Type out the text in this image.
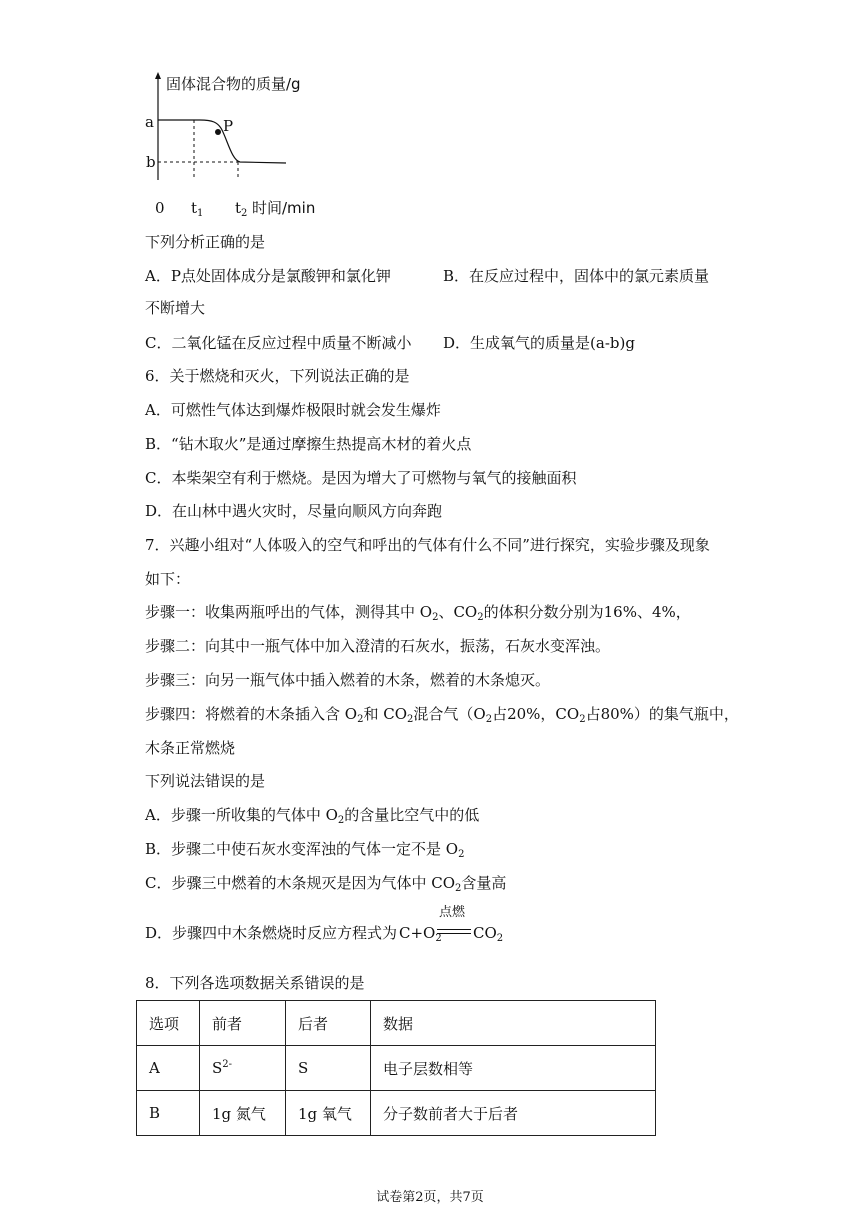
固体混合物的质量/g
a
b
P
0 $t_1$ $t_2$ 时间/min
下列分析正确的是
A．P点处固体成分是氯酸钾和氯化钾	B．在反应过程中，固体中的氯元素质量
不断增大
C．二氧化锰在反应过程中质量不断减小 D．生成氧气的质量是(a-b)g
6．关于燃烧和灭火，下列说法正确的是
A．可燃性气体达到爆炸极限时就会发生爆炸
B．“钻木取火”是通过摩擦生热提高木材的着火点
C．本柴架空有利于燃烧。是因为增大了可燃物与氧气的接触面积
D．在山林中遇火灾时，尽量向顺风方向奔跑
7．兴趣小组对“人体吸入的空气和呼出的气体有什么不同”进行探究，实验步骤及现象
如下：
步骤一：收集两瓶呼出的气体，测得其中 $O_2$、$CO_2$的体积分数分别为16%、4%，
步骤二：向其中一瓶气体中加入澄清的石灰水，振荡，石灰水变浑浊。
步骤三：向另一瓶气体中插入燃着的木条，燃着的木条熄灭。
步骤四：将燃着的木条插入含 $O_2$和 $CO_2$混合气（$O_2$占20%，$CO_2$占80%）的集气瓶中，
木条正常燃烧
下列说法错误的是
A．步骤一所收集的气体中 $O_2$的含量比空气中的低
B．步骤二中使石灰水变浑浊的气体一定不是 $O_2$
C．步骤三中燃着的木条规灭是因为气体中 $CO_2$含量高
D．步骤四中木条燃烧时反应方程式为 $C+O_2$
点燃
$CO_2$
8．下列各选项数据关系错误的是
选项	前者	后者	数据
A	$S^{2-}$	S	电子层数相等
B	1g 氮气	1g 氧气	分子数前者大于后者
试卷第2页，共7页
